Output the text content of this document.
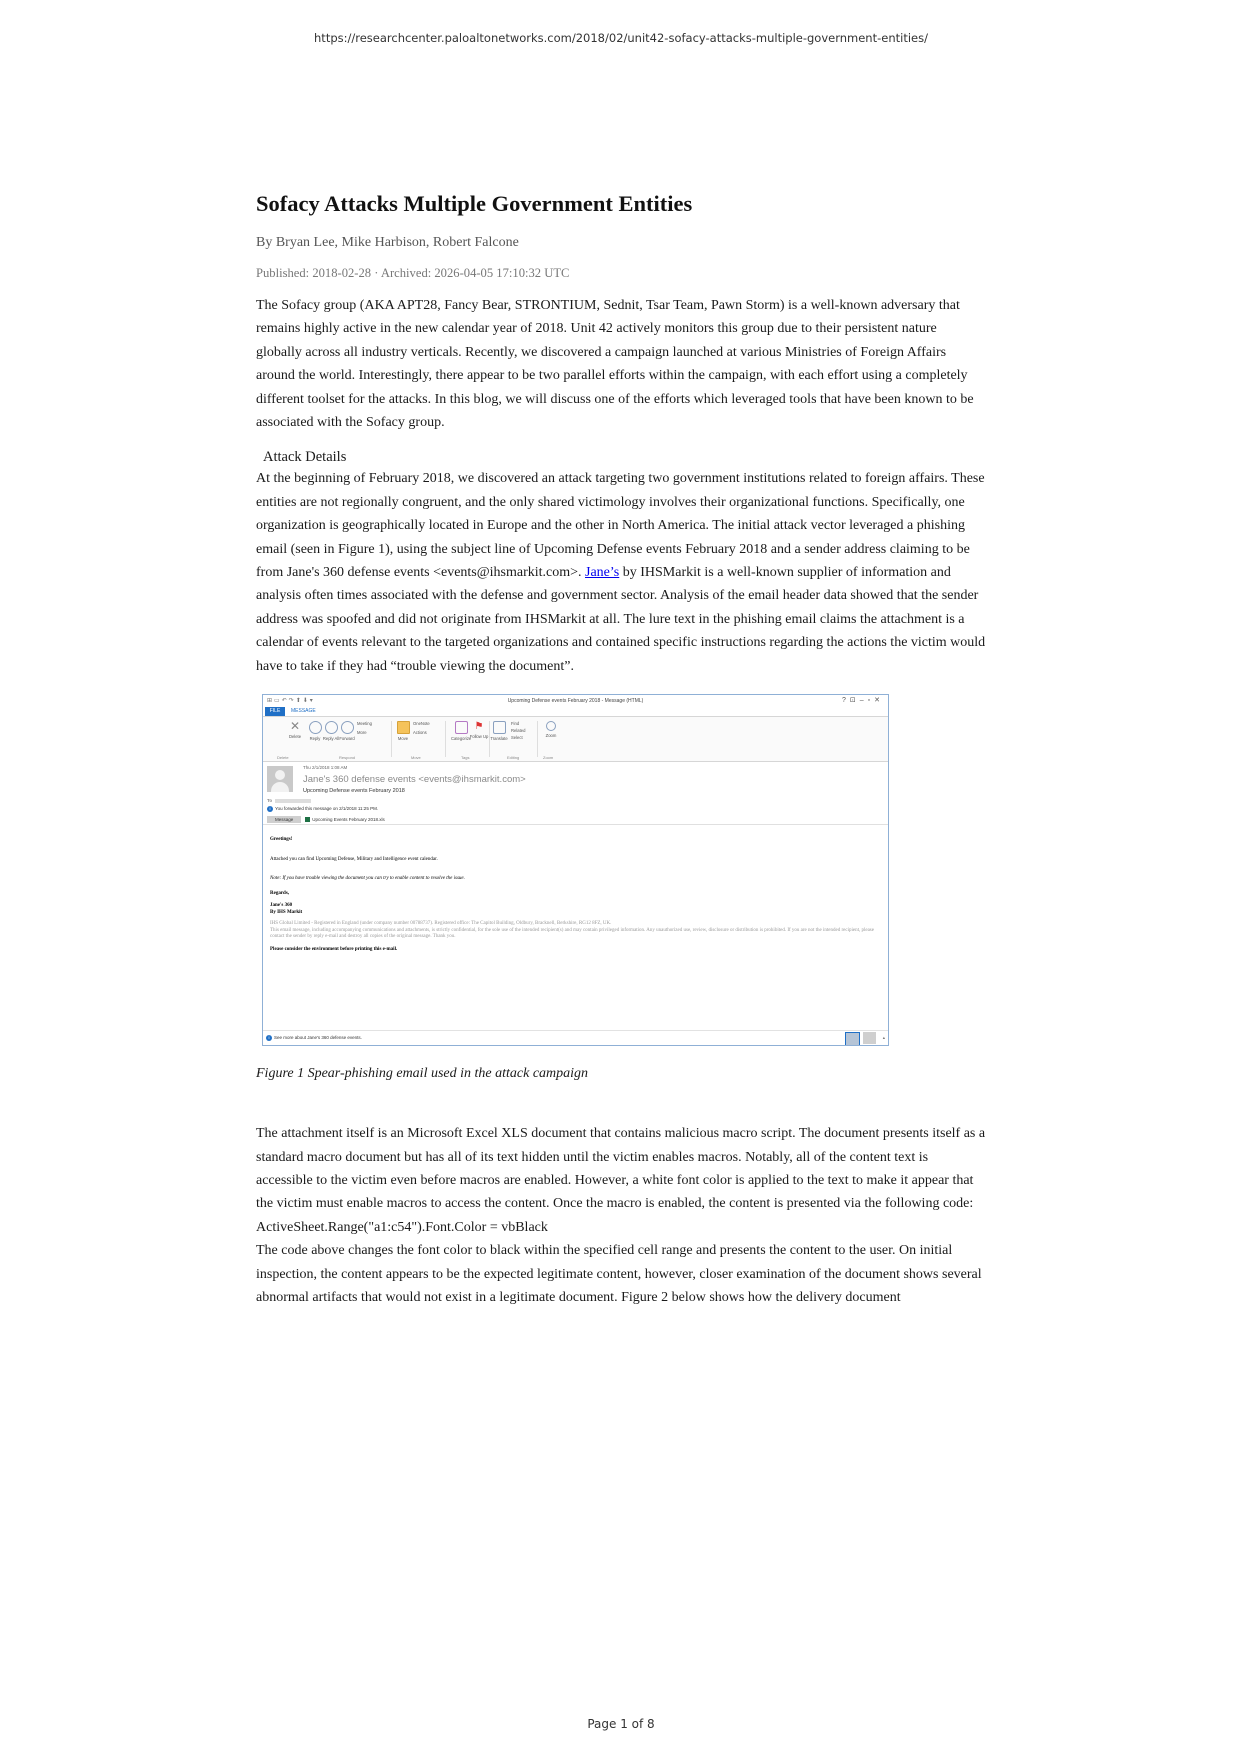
https://researchcenter.paloaltonetworks.com/2018/02/unit42-sofacy-attacks-multiple-government-entities/
Sofacy Attacks Multiple Government Entities
By Bryan Lee, Mike Harbison, Robert Falcone
Published: 2018-02-28 · Archived: 2026-04-05 17:10:32 UTC

The Sofacy group (AKA APT28, Fancy Bear, STRONTIUM, Sednit, Tsar Team, Pawn Storm) is a well-known adversary that remains highly active in the new calendar year of 2018. Unit 42 actively monitors this group due to their persistent nature globally across all industry verticals. Recently, we discovered a campaign launched at various Ministries of Foreign Affairs around the world. Interestingly, there appear to be two parallel efforts within the campaign, with each effort using a completely different toolset for the attacks. In this blog, we will discuss one of the efforts which leveraged tools that have been known to be associated with the Sofacy group.

Attack Details

At the beginning of February 2018, we discovered an attack targeting two government institutions related to foreign affairs. These entities are not regionally congruent, and the only shared victimology involves their organizational functions. Specifically, one organization is geographically located in Europe and the other in North America. The initial attack vector leveraged a phishing email (seen in Figure 1), using the subject line of Upcoming Defense events February 2018 and a sender address claiming to be from Jane's 360 defense events <events@ihsmarkit.com>. Jane’s by IHSMarkit is a well-known supplier of information and analysis often times associated with the defense and government sector. Analysis of the email header data showed that the sender address was spoofed and did not originate from IHSMarkit at all. The lure text in the phishing email claims the attachment is a calendar of events relevant to the targeted organizations and contained specific instructions regarding the actions the victim would have to take if they had “trouble viewing the document”.

⊞▭↶↷⬆⬇▾	Upcoming Defense events February 2018 - Message (HTML)	?⊡–▫✕
FILE	MESSAGE
✕
Delete	Reply Reply All Forward
Meeting
More
Move
OneNote
Actions
Categorize
⚑
Follow Up Translate
Find
Related
Select	Zoom
Delete	Respond	Move	Tags	Editing	Zoom
Thu 2/1/2018 1:08 AM
Jane's 360 defense events <events@ihsmarkit.com>
Upcoming Defense events February 2018
To
i You forwarded this message on 2/1/2018 11:25 PM.
Message	Upcoming Events February 2018.xls
Greetings!
Attached you can find Upcoming Defense, Military and Intelligence event calendar.
Note: If you have trouble viewing the document you can try to enable content to resolve the issue.
Regards,
Jane's 360
By IHS Markit
IHS Global Limited - Registered in England (under company number 00788737). Registered office: The Capitol Building, Oldbury, Bracknell, Berkshire, RG12 8FZ, UK.
This email message, including accompanying communications and attachments, is strictly confidential, for the sole use of the intended recipient(s) and may contain privileged information. Any unauthorized use, review, disclosure or distribution is prohibited. If you are not the intended recipient, please contact the sender by reply e-mail and destroy all copies of the original message. Thank you.
Please consider the environment before printing this e-mail.
i See more about Jane's 360 defense events.	▴
Figure 1 Spear-phishing email used in the attack campaign

The attachment itself is an Microsoft Excel XLS document that contains malicious macro script. The document presents itself as a standard macro document but has all of its text hidden until the victim enables macros. Notably, all of the content text is accessible to the victim even before macros are enabled. However, a white font color is applied to the text to make it appear that the victim must enable macros to access the content. Once the macro is enabled, the content is presented via the following code:

ActiveSheet.Range("a1:c54").Font.Color = vbBlack

The code above changes the font color to black within the specified cell range and presents the content to the user. On initial inspection, the content appears to be the expected legitimate content, however, closer examination of the document shows several abnormal artifacts that would not exist in a legitimate document. Figure 2 below shows how the delivery document

Page 1 of 8
